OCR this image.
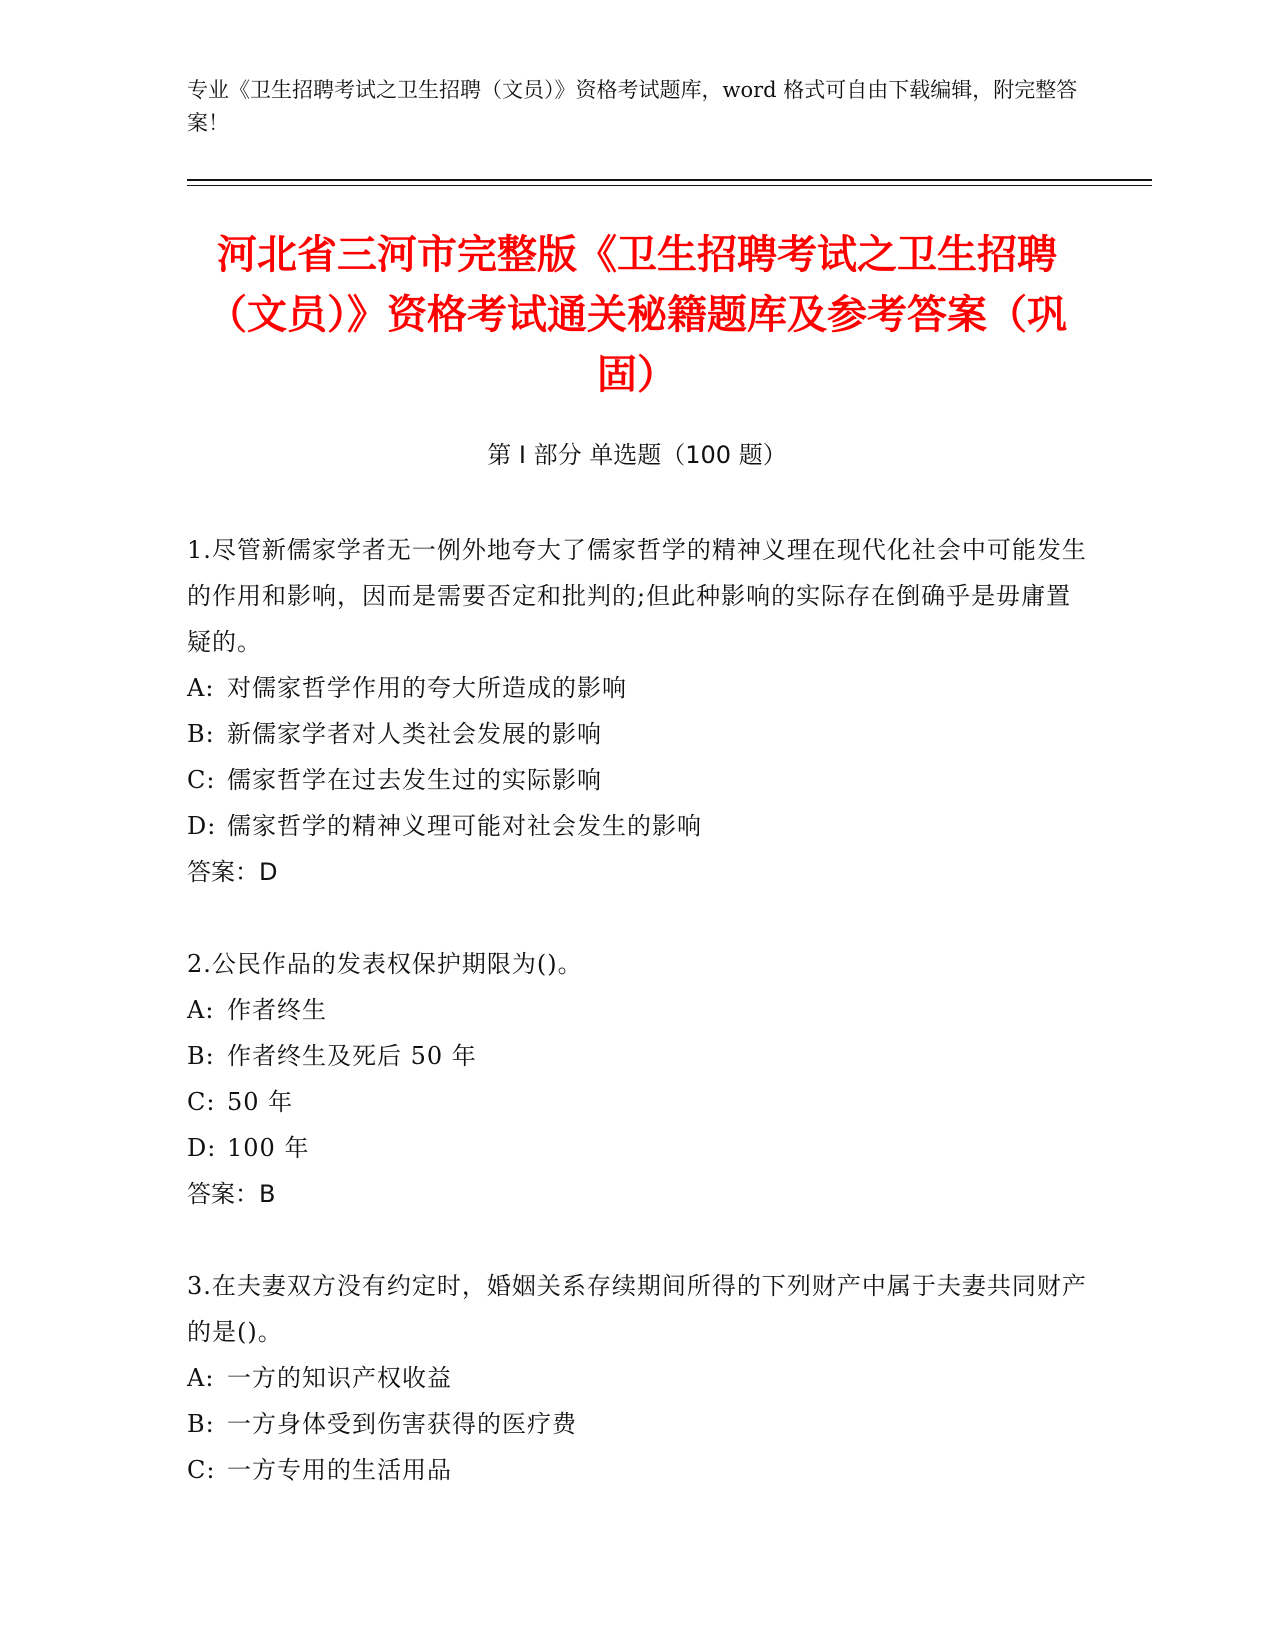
专业《卫生招聘考试之卫生招聘（文员）》资格考试题库，word 格式可自由下载编辑，附完整答案！
河北省三河市完整版《卫生招聘考试之卫生招聘（文员）》资格考试通关秘籍题库及参考答案（巩固）
第 I 部分 单选题（100 题）
1.尽管新儒家学者无一例外地夸大了儒家哲学的精神义理在现代化社会中可能发生的作用和影响，因而是需要否定和批判的;但此种影响的实际存在倒确乎是毋庸置疑的。
A: 对儒家哲学作用的夸大所造成的影响
B: 新儒家学者对人类社会发展的影响
C: 儒家哲学在过去发生过的实际影响
D: 儒家哲学的精神义理可能对社会发生的影响
答案：D
2.公民作品的发表权保护期限为()。
A: 作者终生
B: 作者终生及死后 50 年
C: 50 年
D: 100 年
答案：B
3.在夫妻双方没有约定时，婚姻关系存续期间所得的下列财产中属于夫妻共同财产的是()。
A: 一方的知识产权收益
B: 一方身体受到伤害获得的医疗费
C: 一方专用的生活用品
